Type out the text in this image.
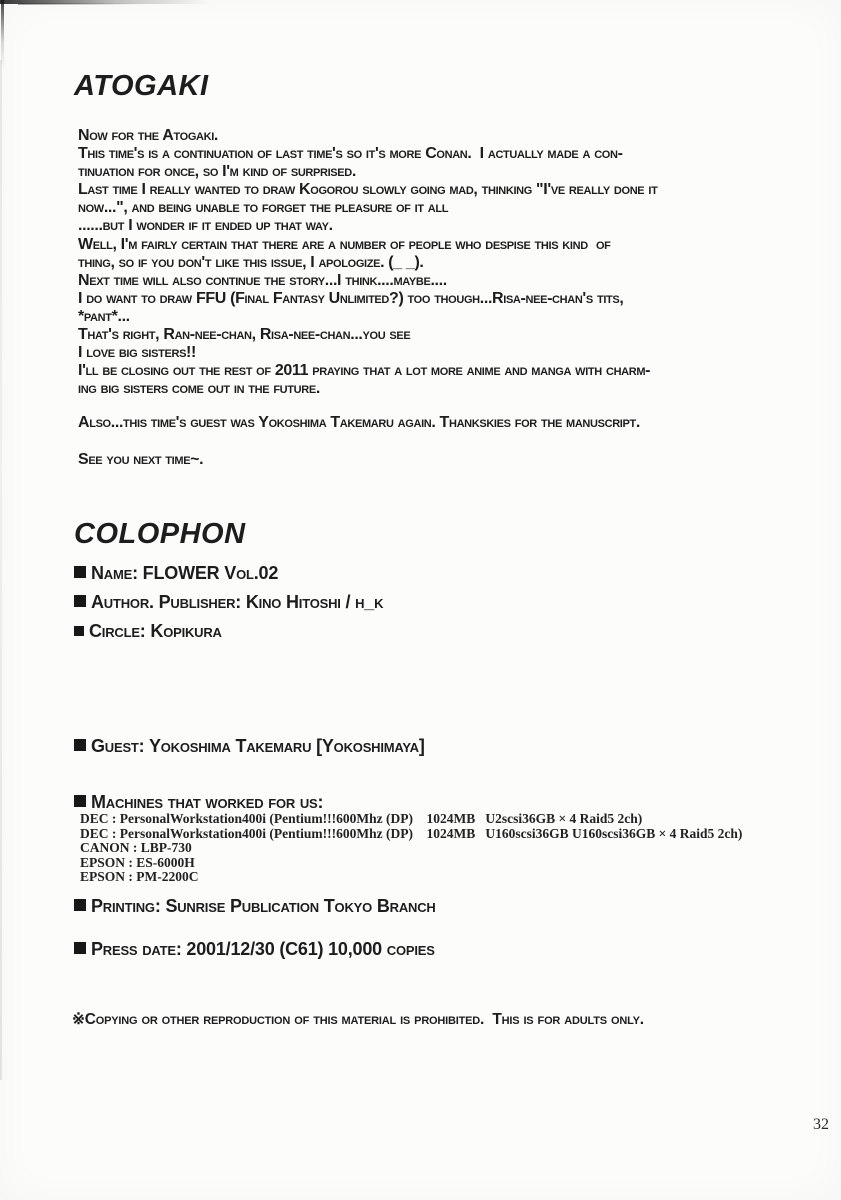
ATOGAKI
Now for the Atogaki.
This time's is a continuation of last time's so it's more Conan.  I actually made a con-
tinuation for once, so I'm kind of surprised.
Last time I really wanted to draw Kogorou slowly going mad, thinking "I've really done it
now...", and being unable to forget the pleasure of it all
......but I wonder if it ended up that way.
Well, I'm fairly certain that there are a number of people who despise this kind  of
thing, so if you don't like this issue, I apologize. (_ _).
Next time will also continue the story...I think....maybe....
I do want to draw FFU (Final Fantasy Unlimited?) too though...Risa-nee-chan's tits,
*pant*...
That's right, Ran-nee-chan, Risa-nee-chan...you see
I love big sisters!!
I'll be closing out the rest of 2011 praying that a lot more anime and manga with charm-
ing big sisters come out in the future.
Also...this time's guest was Yokoshima Takemaru again. Thankskies for the manuscript.
See you next time~.
COLOPHON
Name: FLOWER Vol.02
Author. Publisher: Kino Hitoshi / h_k
Circle: Kopikura
Guest: Yokoshima Takemaru [Yokoshimaya]
Machines that worked for us:
DEC : PersonalWorkstation400i (Pentium!!!600Mhz (DP)    1024MB   U2scsi36GB × 4 Raid5 2ch)
DEC : PersonalWorkstation400i (Pentium!!!600Mhz (DP)    1024MB   U160scsi36GB U160scsi36GB × 4 Raid5 2ch)
CANON : LBP-730
EPSON : ES-6000H
EPSON : PM-2200C
Printing: Sunrise Publication Tokyo Branch
Press date: 2001/12/30 (C61) 10,000 copies
※Copying or other reproduction of this material is prohibited.  This is for adults only.
32
